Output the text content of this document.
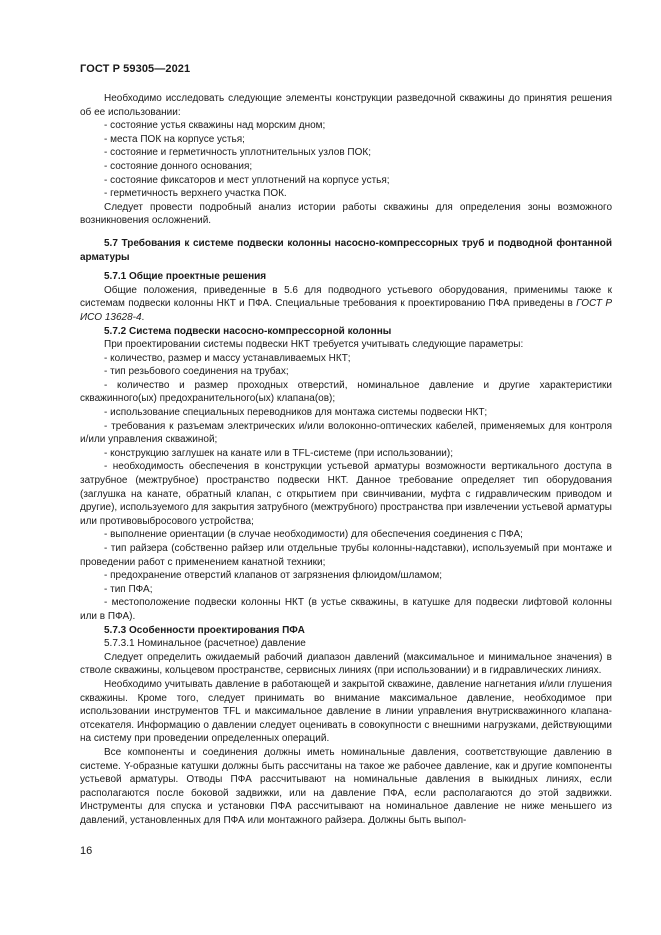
ГОСТ Р 59305—2021

Необходимо исследовать следующие элементы конструкции разведочной скважины до принятия решения об ее использовании:

- состояние устья скважины над морским дном;

- места ПОК на корпусе устья;

- состояние и герметичность уплотнительных узлов ПОК;

- состояние донного основания;

- состояние фиксаторов и мест уплотнений на корпусе устья;

- герметичность верхнего участка ПОК.

Следует провести подробный анализ истории работы скважины для определения зоны возможного возникновения осложнений.

5.7 Требования к системе подвески колонны насосно-компрессорных труб и подводной фонтанной арматуры

5.7.1 Общие проектные решения

Общие положения, приведенные в 5.6 для подводного устьевого оборудования, применимы также к системам подвески колонны НКТ и ПФА. Специальные требования к проектированию ПФА приведены в ГОСТ Р ИСО 13628-4.

5.7.2 Система подвески насосно-компрессорной колонны

При проектировании системы подвески НКТ требуется учитывать следующие параметры:

- количество, размер и массу устанавливаемых НКТ;

- тип резьбового соединения на трубах;

- количество и размер проходных отверстий, номинальное давление и другие характеристики скважинного(ых) предохранительного(ых) клапана(ов);

- использование специальных переводников для монтажа системы подвески НКТ;

- требования к разъемам электрических и/или волоконно-оптических кабелей, применяемых для контроля и/или управления скважиной;

- конструкцию заглушек на канате или в TFL-системе (при использовании);

- необходимость обеспечения в конструкции устьевой арматуры возможности вертикального доступа в затрубное (межтрубное) пространство подвески НКТ. Данное требование определяет тип оборудования (заглушка на канате, обратный клапан, с открытием при свинчивании, муфта с гидравлическим приводом и другие), используемого для закрытия затрубного (межтрубного) пространства при извлечении устьевой арматуры или противовыбросового устройства;

- выполнение ориентации (в случае необходимости) для обеспечения соединения с ПФА;

- тип райзера (собственно райзер или отдельные трубы колонны-надставки), используемый при монтаже и проведении работ с применением канатной техники;

- предохранение отверстий клапанов от загрязнения флюидом/шламом;

- тип ПФА;

- местоположение подвески колонны НКТ (в устье скважины, в катушке для подвески лифтовой колонны или в ПФА).

5.7.3 Особенности проектирования ПФА

5.7.3.1 Номинальное (расчетное) давление

Следует определить ожидаемый рабочий диапазон давлений (максимальное и минимальное значения) в стволе скважины, кольцевом пространстве, сервисных линиях (при использовании) и в гидравлических линиях.

Необходимо учитывать давление в работающей и закрытой скважине, давление нагнетания и/или глушения скважины. Кроме того, следует принимать во внимание максимальное давление, необходимое при использовании инструментов TFL и максимальное давление в линии управления внутрискважинного клапана-отсекателя. Информацию о давлении следует оценивать в совокупности с внешними нагрузками, действующими на систему при проведении определенных операций.

Все компоненты и соединения должны иметь номинальные давления, соответствующие давлению в системе. Y-образные катушки должны быть рассчитаны на такое же рабочее давление, как и другие компоненты устьевой арматуры. Отводы ПФА рассчитывают на номинальные давления в выкидных линиях, если располагаются после боковой задвижки, или на давление ПФА, если располагаются до этой задвижки. Инструменты для спуска и установки ПФА рассчитывают на номинальное давление не ниже меньшего из давлений, установленных для ПФА или монтажного райзера. Должны быть выпол-

16
